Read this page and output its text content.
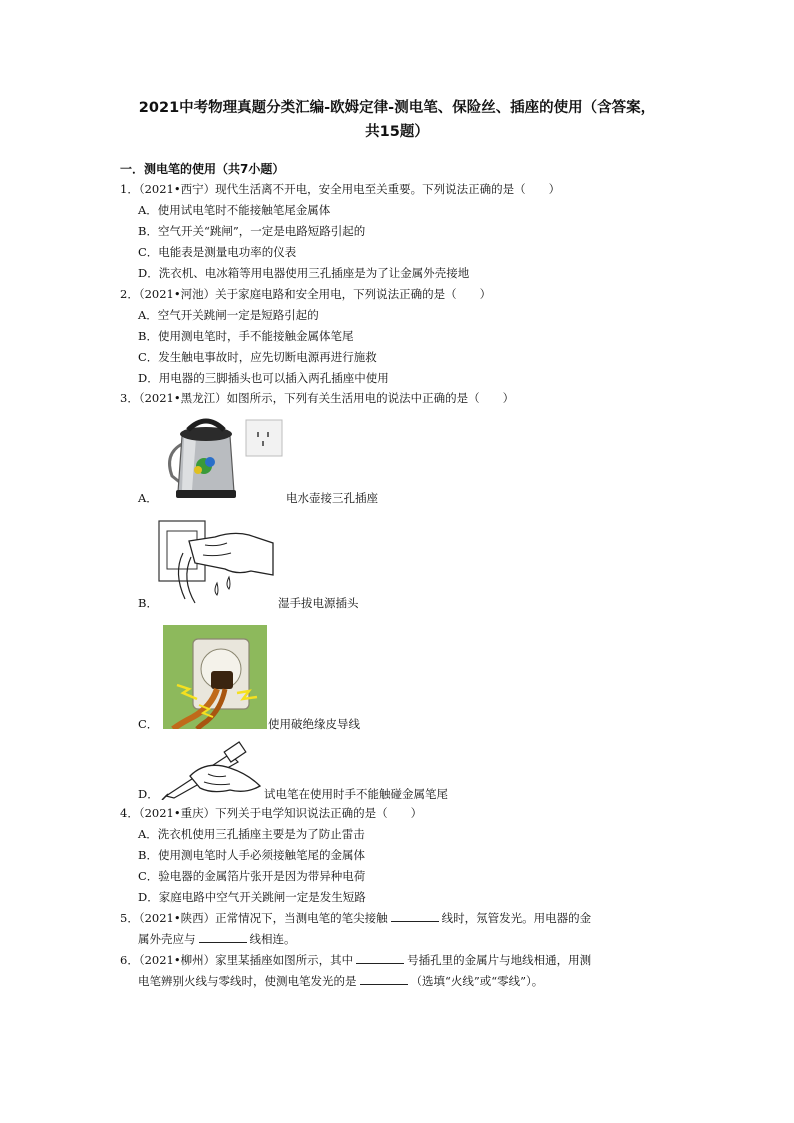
2021中考物理真题分类汇编-欧姆定律-测电笔、保险丝、插座的使用（含答案，
共15题）
一．测电笔的使用（共7小题）
1．（2021•西宁）现代生活离不开电，安全用电至关重要。下列说法正确的是（　　）
A．使用试电笔时不能接触笔尾金属体
B．空气开关“跳闸”，一定是电路短路引起的
C．电能表是测量电功率的仪表
D．洗衣机、电冰箱等用电器使用三孔插座是为了让金属外壳接地
2．（2021•河池）关于家庭电路和安全用电，下列说法正确的是（　　）
A．空气开关跳闸一定是短路引起的
B．使用测电笔时，手不能接触金属体笔尾
C．发生触电事故时，应先切断电源再进行施救
D．用电器的三脚插头也可以插入两孔插座中使用
3．（2021•黑龙江）如图所示，下列有关生活用电的说法中正确的是（　　）
A．	电水壶接三孔插座
B．	湿手拔电源插头
C．	使用破绝缘皮导线
D．	试电笔在使用时手不能触碰金属笔尾
4．（2021•重庆）下列关于电学知识说法正确的是（　　）
A．洗衣机使用三孔插座主要是为了防止雷击
B．使用测电笔时人手必须接触笔尾的金属体
C．验电器的金属箔片张开是因为带异种电荷
D．家庭电路中空气开关跳闸一定是发生短路
5．（2021•陕西）正常情况下，当测电笔的笔尖接触	线时，氖管发光。用电器的金
属外壳应与	线相连。
6．（2021•柳州）家里某插座如图所示，其中	号插孔里的金属片与地线相通，用测
电笔辨别火线与零线时，使测电笔发光的是	（选填“火线”或“零线”）。
